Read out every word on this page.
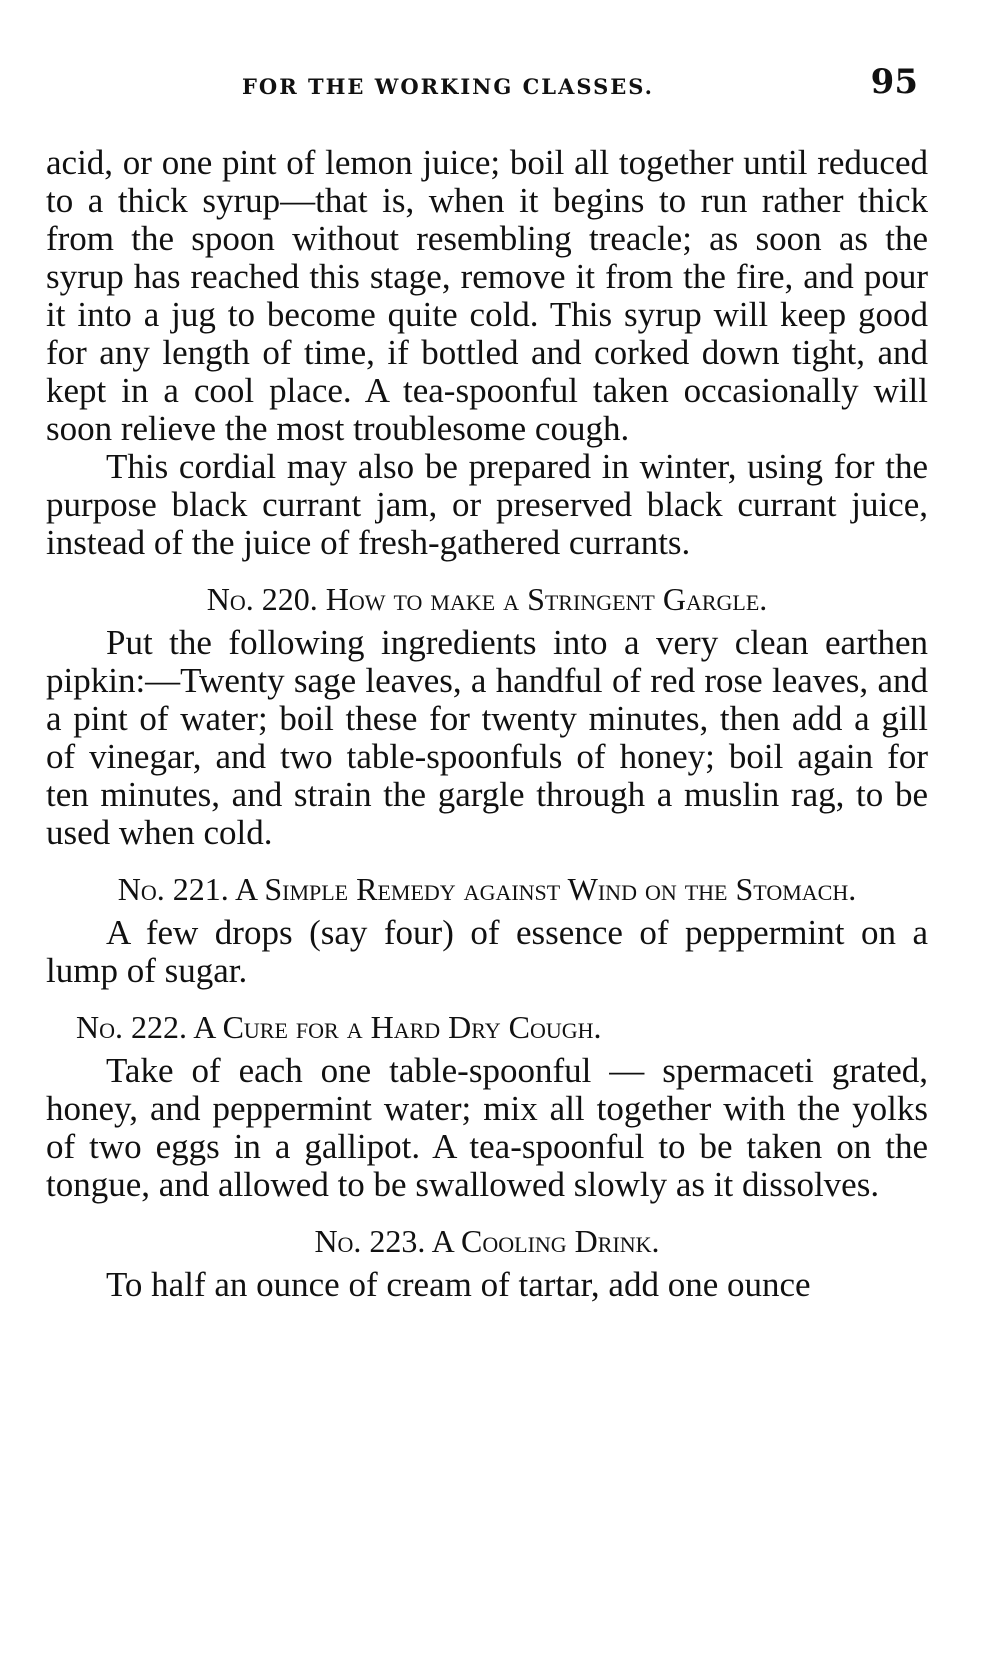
FOR THE WORKING CLASSES.	95

acid, or one pint of lemon juice; boil all together until reduced to a thick syrup—that is, when it begins to run rather thick from the spoon without resembling treacle; as soon as the syrup has reached this stage, remove it from the fire, and pour it into a jug to become quite cold. This syrup will keep good for any length of time, if bottled and corked down tight, and kept in a cool place. A tea-spoonful taken occasionally will soon relieve the most troublesome cough.

This cordial may also be prepared in winter, using for the purpose black currant jam, or preserved black currant juice, instead of the juice of fresh-gathered currants.

No. 220. How to make a Stringent Gargle.

Put the following ingredients into a very clean earthen pipkin:—Twenty sage leaves, a handful of red rose leaves, and a pint of water; boil these for twenty minutes, then add a gill of vinegar, and two table-spoonfuls of honey; boil again for ten minutes, and strain the gargle through a muslin rag, to be used when cold.

No. 221. A Simple Remedy against Wind on the Stomach.

A few drops (say four) of essence of peppermint on a lump of sugar.

No. 222. A Cure for a Hard Dry Cough.

Take of each one table-spoonful — spermaceti grated, honey, and peppermint water; mix all together with the yolks of two eggs in a gallipot. A tea-spoonful to be taken on the tongue, and allowed to be swallowed slowly as it dissolves.

No. 223. A Cooling Drink.

To half an ounce of cream of tartar, add one ounce
